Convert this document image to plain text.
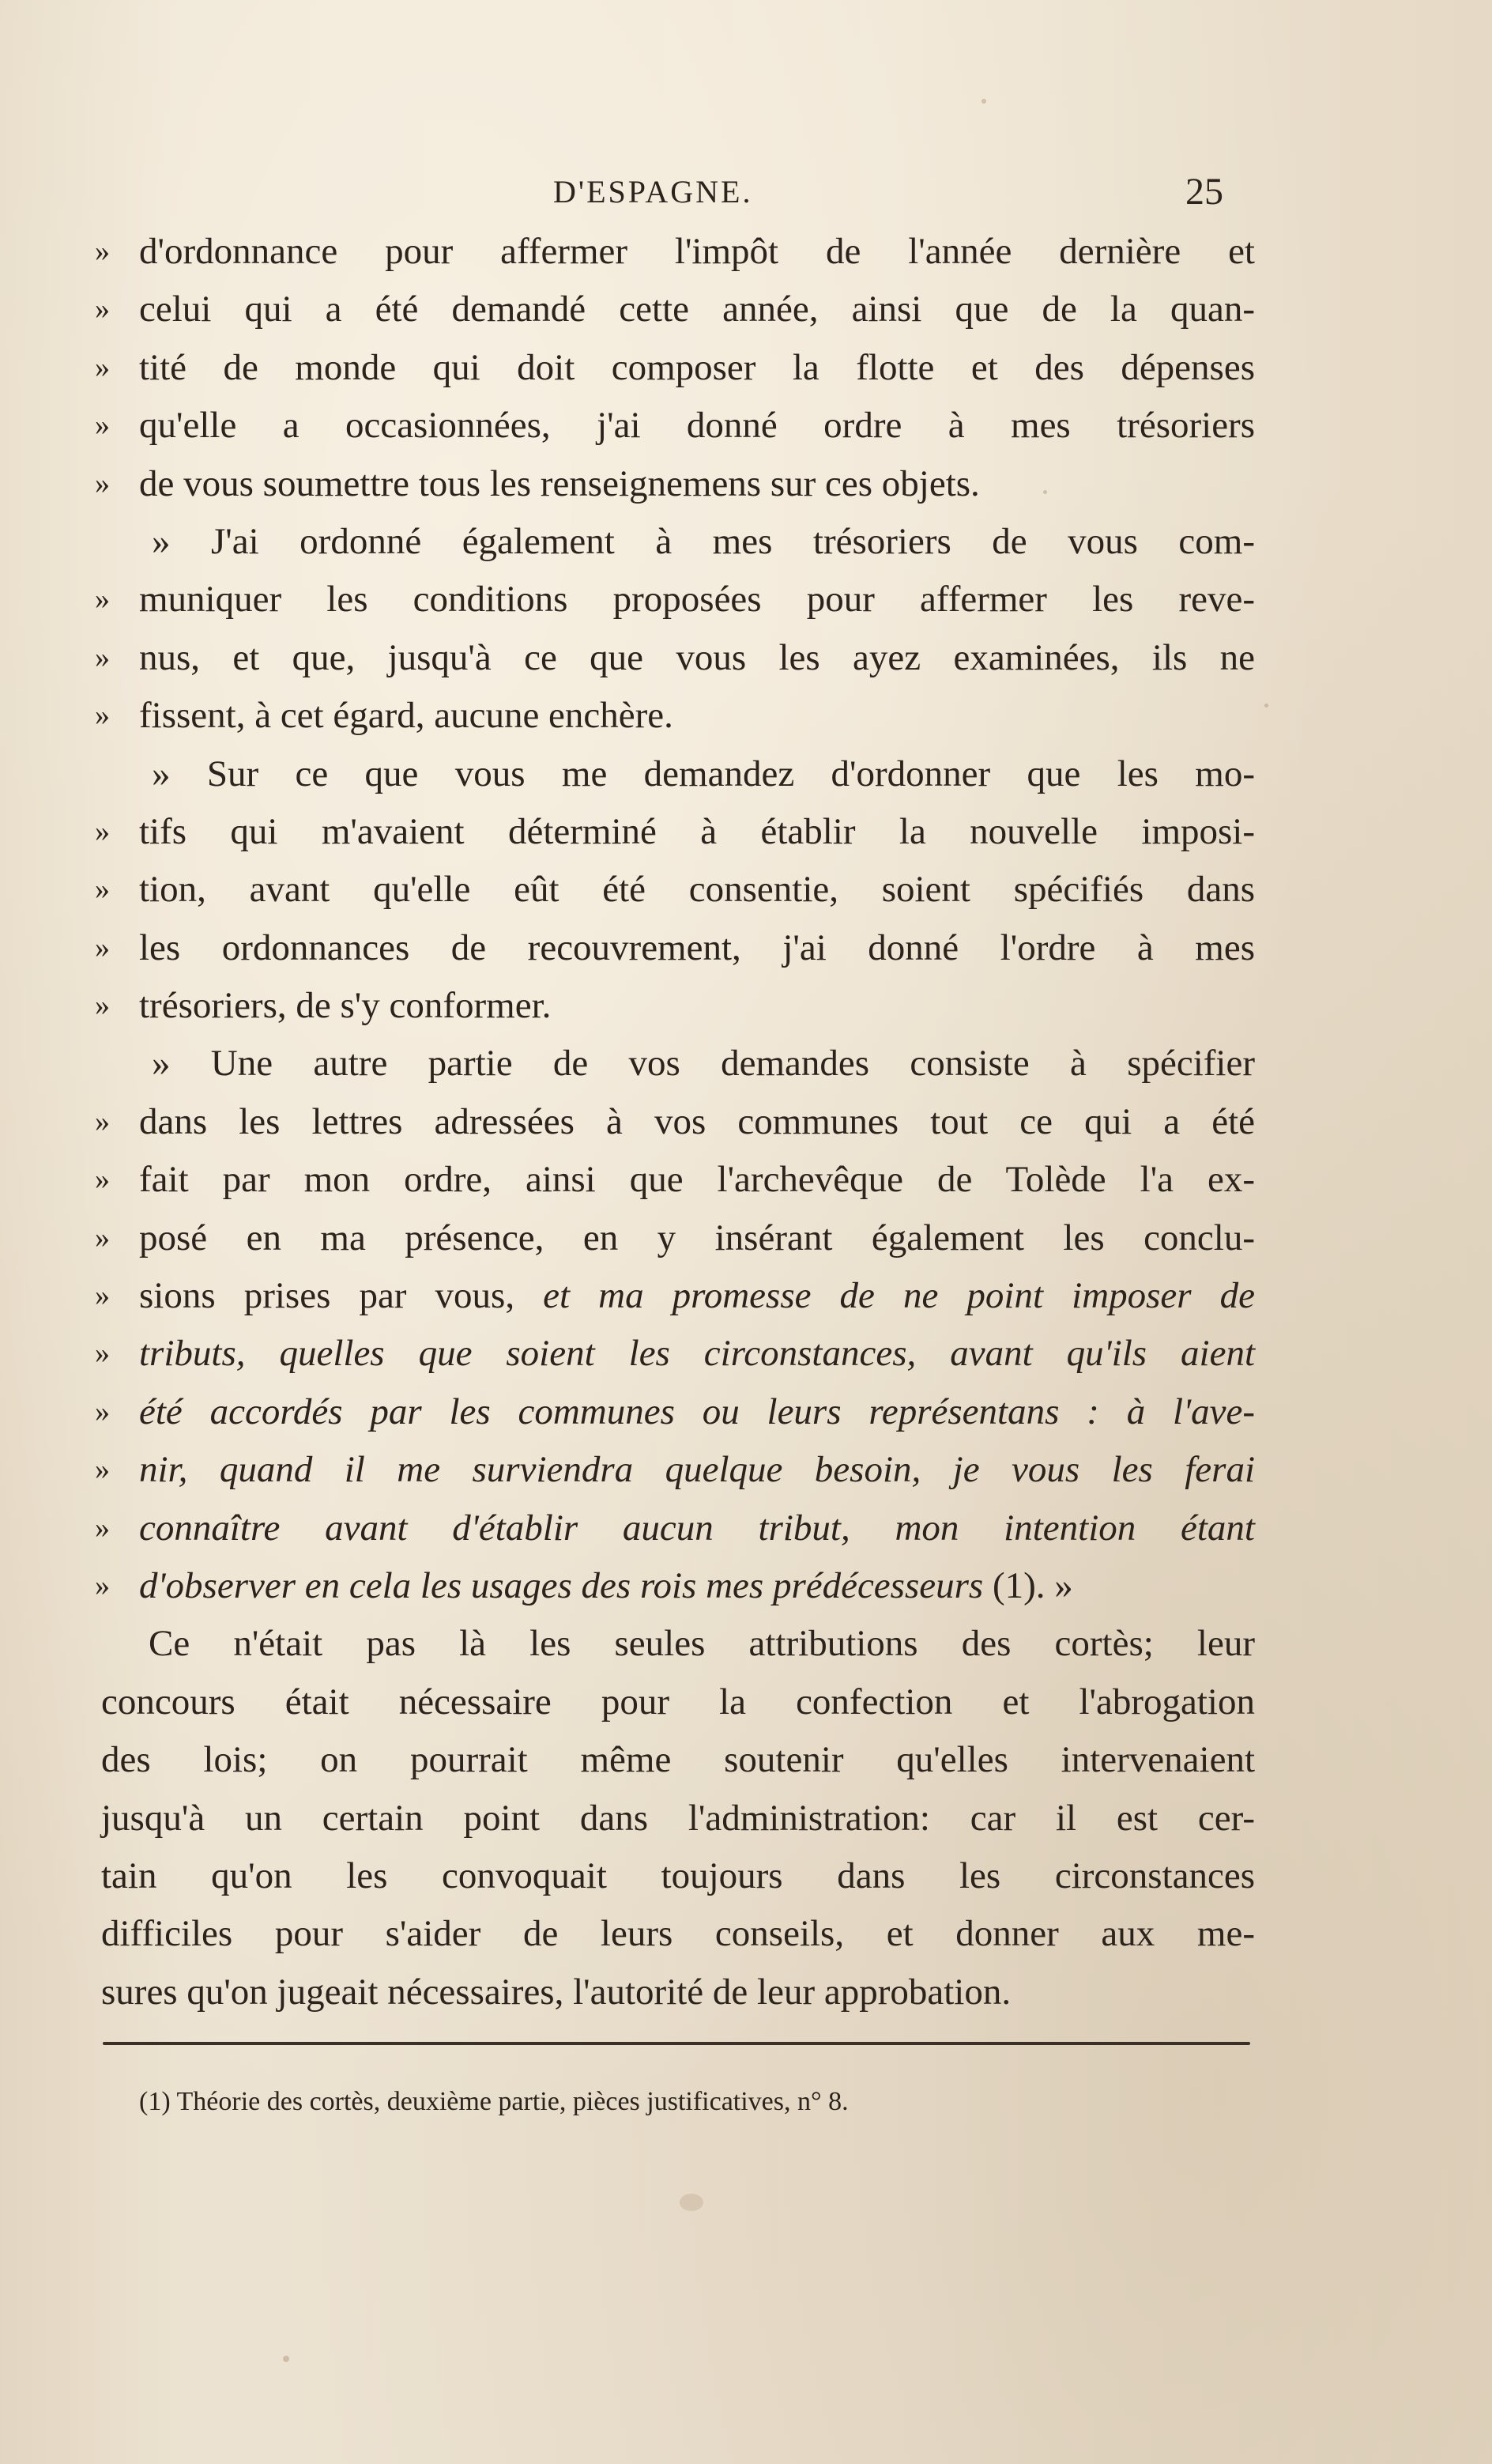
D'ESPAGNE.	25
» d'ordonnance pour affermer l'impôt de l'année dernière et
» celui qui a été demandé cette année, ainsi que de la quan-
» tité de monde qui doit composer la flotte et des dépenses
» qu'elle a occasionnées, j'ai donné ordre à mes trésoriers
» de vous soumettre tous les renseignemens sur ces objets.
» J'ai ordonné également à mes trésoriers de vous com-
» muniquer les conditions proposées pour affermer les reve-
» nus, et que, jusqu'à ce que vous les ayez examinées, ils ne
» fissent, à cet égard, aucune enchère.
» Sur ce que vous me demandez d'ordonner que les mo-
» tifs qui m'avaient déterminé à établir la nouvelle imposi-
» tion, avant qu'elle eût été consentie, soient spécifiés dans
» les ordonnances de recouvrement, j'ai donné l'ordre à mes
» trésoriers, de s'y conformer.
» Une autre partie de vos demandes consiste à spécifier
» dans les lettres adressées à vos communes tout ce qui a été
» fait par mon ordre, ainsi que l'archevêque de Tolède l'a ex-
» posé en ma présence, en y insérant également les conclu-
» sions prises par vous, et ma promesse de ne point imposer de
» tributs, quelles que soient les circonstances, avant qu'ils aient
» été accordés par les communes ou leurs représentans : à l'ave-
» nir, quand il me surviendra quelque besoin, je vous les ferai
» connaître avant d'établir aucun tribut, mon intention étant
» d'observer en cela les usages des rois mes prédécesseurs (1). »
Ce n'était pas là les seules attributions des cortès; leur
concours était nécessaire pour la confection et l'abrogation
des lois; on pourrait même soutenir qu'elles intervenaient
jusqu'à un certain point dans l'administration: car il est cer-
tain qu'on les convoquait toujours dans les circonstances
difficiles pour s'aider de leurs conseils, et donner aux me-
sures qu'on jugeait nécessaires, l'autorité de leur approbation.
(1) Théorie des cortès, deuxième partie, pièces justificatives, n° 8.
